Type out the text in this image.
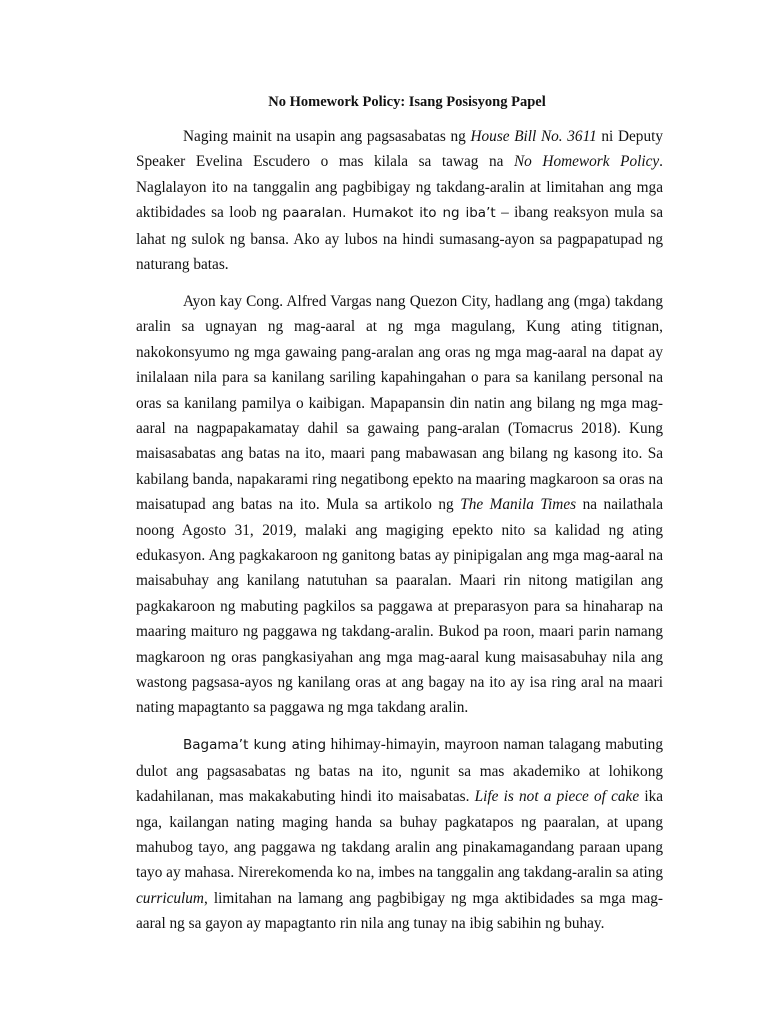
No Homework Policy: Isang Posisyong Papel

Naging mainit na usapin ang pagsasabatas ng House Bill No. 3611 ni Deputy Speaker Evelina Escudero o mas kilala sa tawag na No Homework Policy. Naglalayon ito na tanggalin ang pagbibigay ng takdang-aralin at limitahan ang mga aktibidades sa loob ng paaralan. Humakot ito ng iba’t – ibang reaksyon mula sa lahat ng sulok ng bansa. Ako ay lubos na hindi sumasang-ayon sa pagpapatupad ng naturang batas.

Ayon kay Cong. Alfred Vargas nang Quezon City, hadlang ang (mga) takdang aralin sa ugnayan ng mag-aaral at ng mga magulang, Kung ating titignan, nakokonsyumo ng mga gawaing pang-aralan ang oras ng mga mag-aaral na dapat ay inilalaan nila para sa kanilang sariling kapahingahan o para sa kanilang personal na oras sa kanilang pamilya o kaibigan. Mapapansin din natin ang bilang ng mga mag-aaral na nagpapakamatay dahil sa gawaing pang-aralan (Tomacrus 2018). Kung maisasabatas ang batas na ito, maari pang mabawasan ang bilang ng kasong ito. Sa kabilang banda, napakarami ring negatibong epekto na maaring magkaroon sa oras na maisatupad ang batas na ito. Mula sa artikolo ng The Manila Times na nailathala noong Agosto 31, 2019, malaki ang magiging epekto nito sa kalidad ng ating edukasyon. Ang pagkakaroon ng ganitong batas ay pinipigalan ang mga mag-aaral na maisabuhay ang kanilang natutuhan sa paaralan. Maari rin nitong matigilan ang pagkakaroon ng mabuting pagkilos sa paggawa at preparasyon para sa hinaharap na maaring maituro ng paggawa ng takdang-aralin. Bukod pa roon, maari parin namang magkaroon ng oras pangkasiyahan ang mga mag-aaral kung maisasabuhay nila ang wastong pagsasa-ayos ng kanilang oras at ang bagay na ito ay isa ring aral na maari nating mapagtanto sa paggawa ng mga takdang aralin.

Bagama’t kung ating hihimay-himayin, mayroon naman talagang mabuting dulot ang pagsasabatas ng batas na ito, ngunit sa mas akademiko at lohikong kadahilanan, mas makakabuting hindi ito maisabatas. Life is not a piece of cake ika nga, kailangan nating maging handa sa buhay pagkatapos ng paaralan, at upang mahubog tayo, ang paggawa ng takdang aralin ang pinakamagandang paraan upang tayo ay mahasa. Nirerekomenda ko na, imbes na tanggalin ang takdang-aralin sa ating curriculum, limitahan na lamang ang pagbibigay ng mga aktibidades sa mga mag-aaral ng sa gayon ay mapagtanto rin nila ang tunay na ibig sabihin ng buhay.
